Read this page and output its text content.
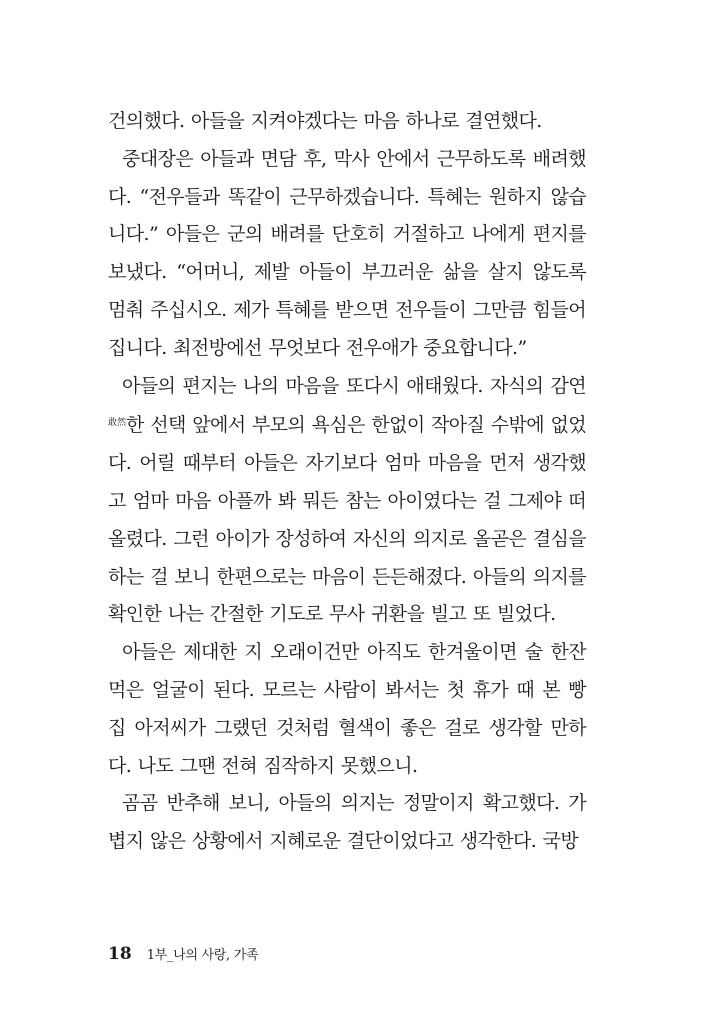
건의했다. 아들을 지켜야겠다는 마음 하나로 결연했다.

중대장은 아들과 면담 후, 막사 안에서 근무하도록 배려했다. “전우들과 똑같이 근무하겠습니다. 특혜는 원하지 않습니다.” 아들은 군의 배려를 단호히 거절하고 나에게 편지를 보냈다. “어머니, 제발 아들이 부끄러운 삶을 살지 않도록 멈춰 주십시오. 제가 특혜를 받으면 전우들이 그만큼 힘들어집니다. 최전방에선 무엇보다 전우애가 중요합니다.”

아들의 편지는 나의 마음을 또다시 애태웠다. 자식의 감연$^{敢然}$한 선택 앞에서 부모의 욕심은 한없이 작아질 수밖에 없었다. 어릴 때부터 아들은 자기보다 엄마 마음을 먼저 생각했고 엄마 마음 아플까 봐 뭐든 참는 아이였다는 걸 그제야 떠올렸다. 그런 아이가 장성하여 자신의 의지로 올곧은 결심을 하는 걸 보니 한편으로는 마음이 든든해졌다. 아들의 의지를 확인한 나는 간절한 기도로 무사 귀환을 빌고 또 빌었다.

아들은 제대한 지 오래이건만 아직도 한겨울이면 술 한잔 먹은 얼굴이 된다. 모르는 사람이 봐서는 첫 휴가 때 본 빵집 아저씨가 그랬던 것처럼 혈색이 좋은 걸로 생각할 만하다. 나도 그땐 전혀 짐작하지 못했으니.

곰곰 반추해 보니, 아들의 의지는 정말이지 확고했다. 가볍지 않은 상황에서 지혜로운 결단이었다고 생각한다. 국방

18 1부_나의 사랑, 가족
